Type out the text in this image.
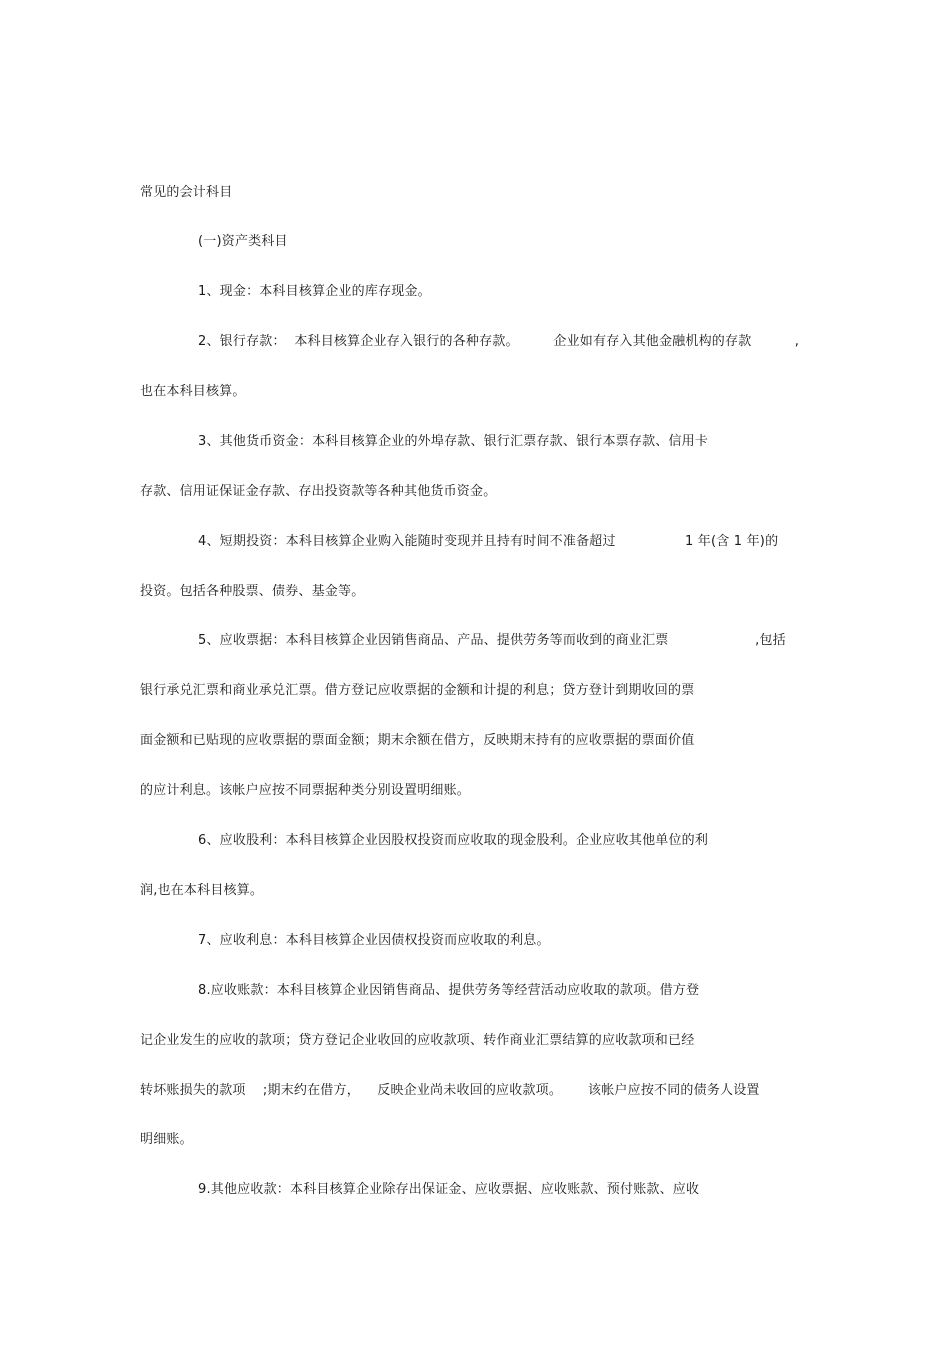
常见的会计科目
(一)资产类科目
1、现金：本科目核算企业的库存现金。
2、银行存款：  本科目核算企业存入银行的各种存款。        企业如有存入其他金融机构的存款          ,
也在本科目核算。
3、其他货币资金：本科目核算企业的外埠存款、银行汇票存款、银行本票存款、信用卡
存款、信用证保证金存款、存出投资款等各种其他货币资金。
4、短期投资：本科目核算企业购入能随时变现并且持有时间不准备超过                1 年(含 1 年)的
投资。包括各种股票、债券、基金等。
5、应收票据：本科目核算企业因销售商品、产品、提供劳务等而收到的商业汇票                    ,包括
银行承兑汇票和商业承兑汇票。借方登记应收票据的金额和计提的利息；贷方登计到期收回的票
面金额和已贴现的应收票据的票面金额；期末余额在借方，反映期末持有的应收票据的票面价值
的应计利息。该帐户应按不同票据种类分别设置明细账。
6、应收股利：本科目核算企业因股权投资而应收取的现金股利。企业应收其他单位的利
润,也在本科目核算。
7、应收利息：本科目核算企业因债权投资而应收取的利息。
8.应收账款：本科目核算企业因销售商品、提供劳务等经营活动应收取的款项。借方登
记企业发生的应收的款项；贷方登记企业收回的应收款项、转作商业汇票结算的应收款项和已经
转坏账损失的款项    ;期末约在借方，    反映企业尚未收回的应收款项。      该帐户应按不同的债务人设置
明细账。
9.其他应收款：本科目核算企业除存出保证金、应收票据、应收账款、预付账款、应收
